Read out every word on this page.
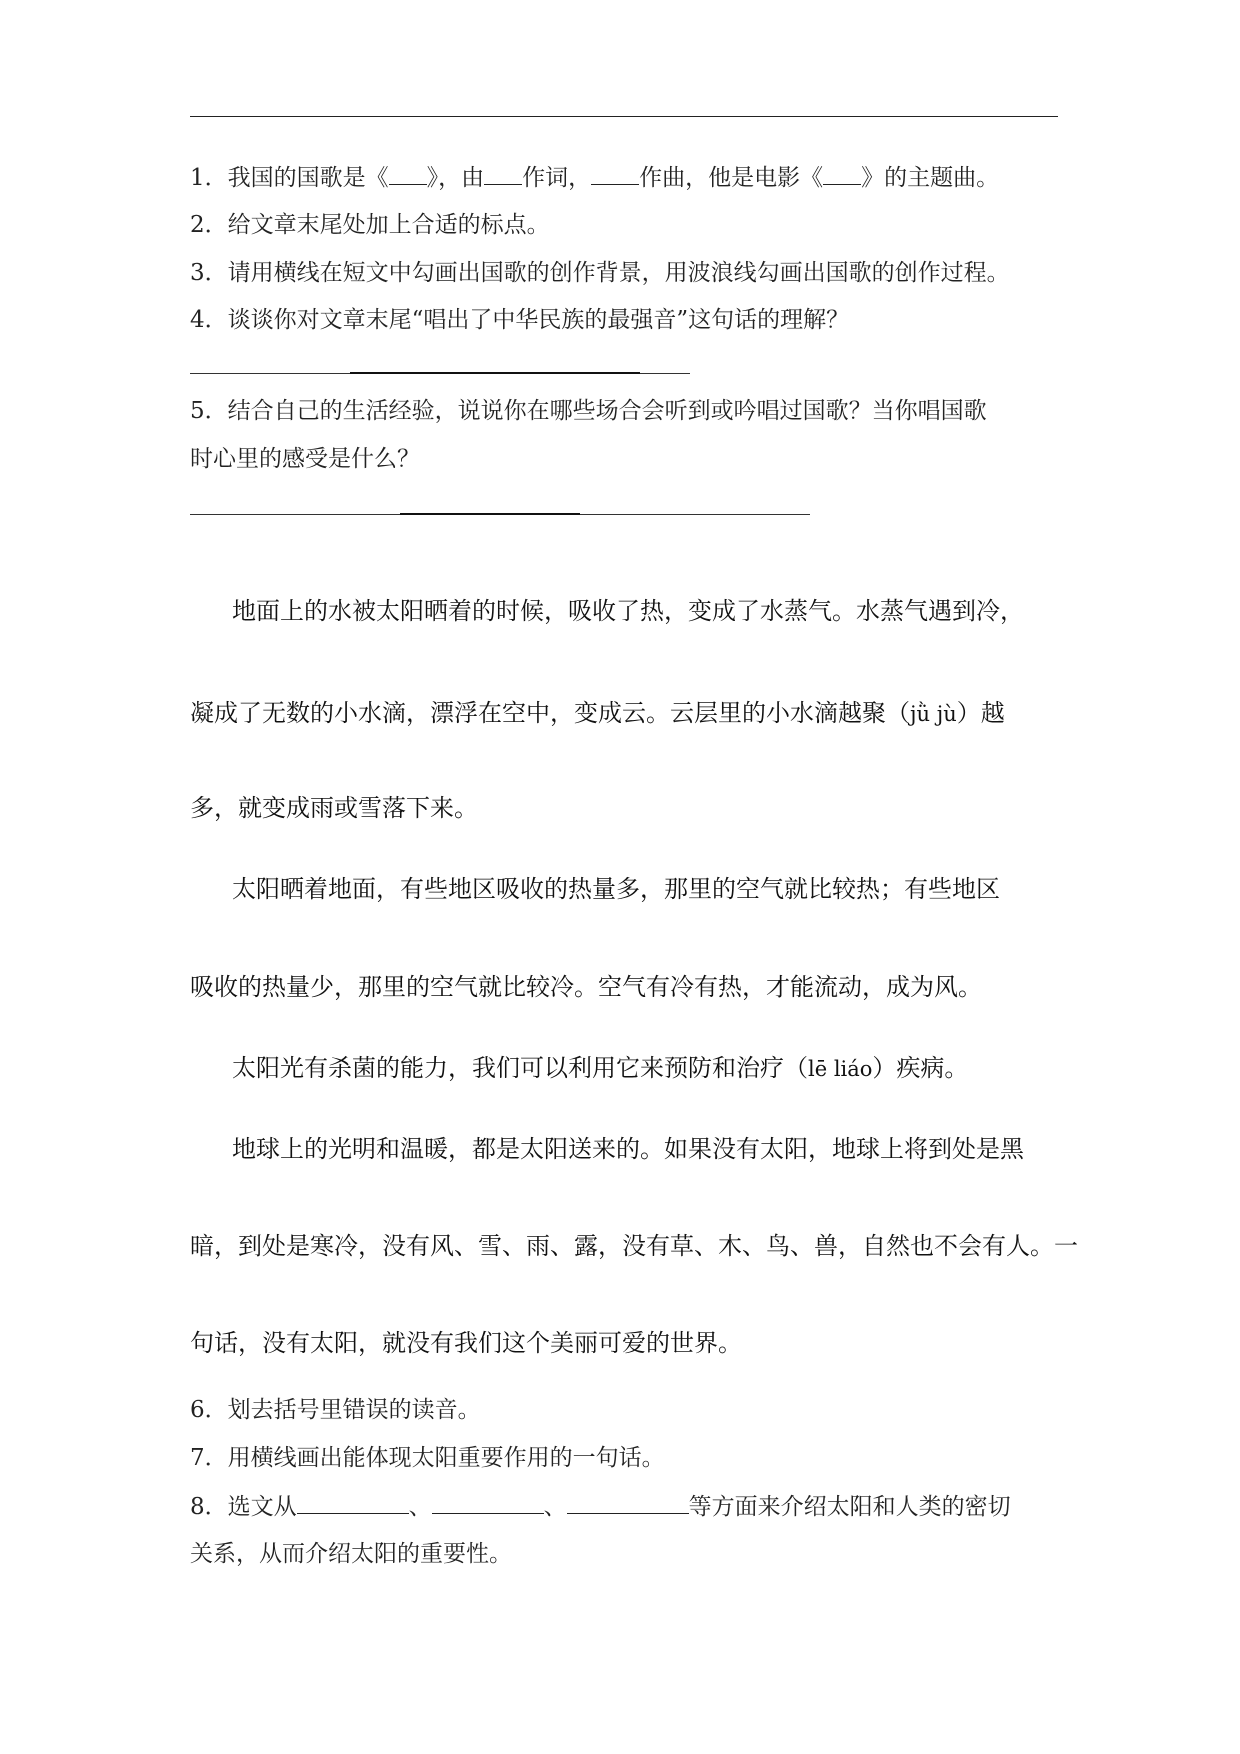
1．我国的国歌是《 》，由 作词， 作曲，他是电影《 》的主题曲。
2．给文章末尾处加上合适的标点。
3．请用横线在短文中勾画出国歌的创作背景，用波浪线勾画出国歌的创作过程。
4．谈谈你对文章末尾“唱出了中华民族的最强音”这句话的理解？
5．结合自己的生活经验，说说你在哪些场合会听到或吟唱过国歌？当你唱国歌
时心里的感受是什么？
地面上的水被太阳晒着的时候，吸收了热，变成了水蒸气。水蒸气遇到冷，
凝成了无数的小水滴，漂浮在空中，变成云。云层里的小水滴越聚（jǜ jù）越
多，就变成雨或雪落下来。
太阳晒着地面，有些地区吸收的热量多，那里的空气就比较热；有些地区
吸收的热量少，那里的空气就比较冷。空气有冷有热，才能流动，成为风。
太阳光有杀菌的能力，我们可以利用它来预防和治疗（lē liáo）疾病。
地球上的光明和温暖，都是太阳送来的。如果没有太阳，地球上将到处是黑
暗，到处是寒冷，没有风、雪、雨、露，没有草、木、鸟、兽，自然也不会有人。一
句话，没有太阳，就没有我们这个美丽可爱的世界。
6．划去括号里错误的读音。
7．用横线画出能体现太阳重要作用的一句话。
8．选文从	、	、	等方面来介绍太阳和人类的密切
关系，从而介绍太阳的重要性。
